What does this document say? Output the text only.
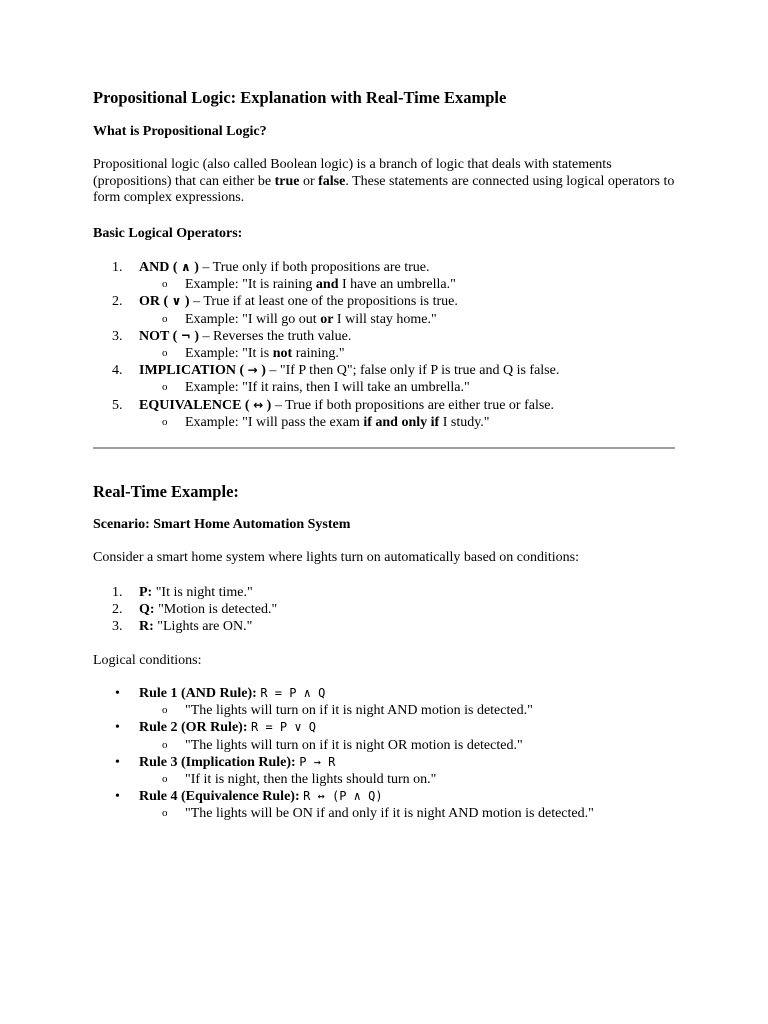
Propositional Logic: Explanation with Real-Time Example
What is Propositional Logic?

Propositional logic (also called Boolean logic) is a branch of logic that deals with statements (propositions) that can either be true or false. These statements are connected using logical operators to form complex expressions.

Basic Logical Operators:
1.	AND ( ∧ ) – True only if both propositions are true.
o Example: "It is raining and I have an umbrella."
2.	OR ( ∨ ) – True if at least one of the propositions is true.
o Example: "I will go out or I will stay home."
3.	NOT ( ¬ ) – Reverses the truth value.
o Example: "It is not raining."
4.	IMPLICATION ( → ) – "If P then Q"; false only if P is true and Q is false.
o Example: "If it rains, then I will take an umbrella."
5.	EQUIVALENCE ( ↔ ) – True if both propositions are either true or false.
o Example: "I will pass the exam if and only if I study."
Real-Time Example:
Scenario: Smart Home Automation System

Consider a smart home system where lights turn on automatically based on conditions:

1.	P: "It is night time."
2.	Q: "Motion is detected."
3.	R: "Lights are ON."

Logical conditions:

• Rule 1 (AND Rule): R = P ∧ Q
o "The lights will turn on if it is night AND motion is detected."
• Rule 2 (OR Rule): R = P ∨ Q
o "The lights will turn on if it is night OR motion is detected."
• Rule 3 (Implication Rule): P → R
o "If it is night, then the lights should turn on."
• Rule 4 (Equivalence Rule): R ↔ (P ∧ Q)
o "The lights will be ON if and only if it is night AND motion is detected."
